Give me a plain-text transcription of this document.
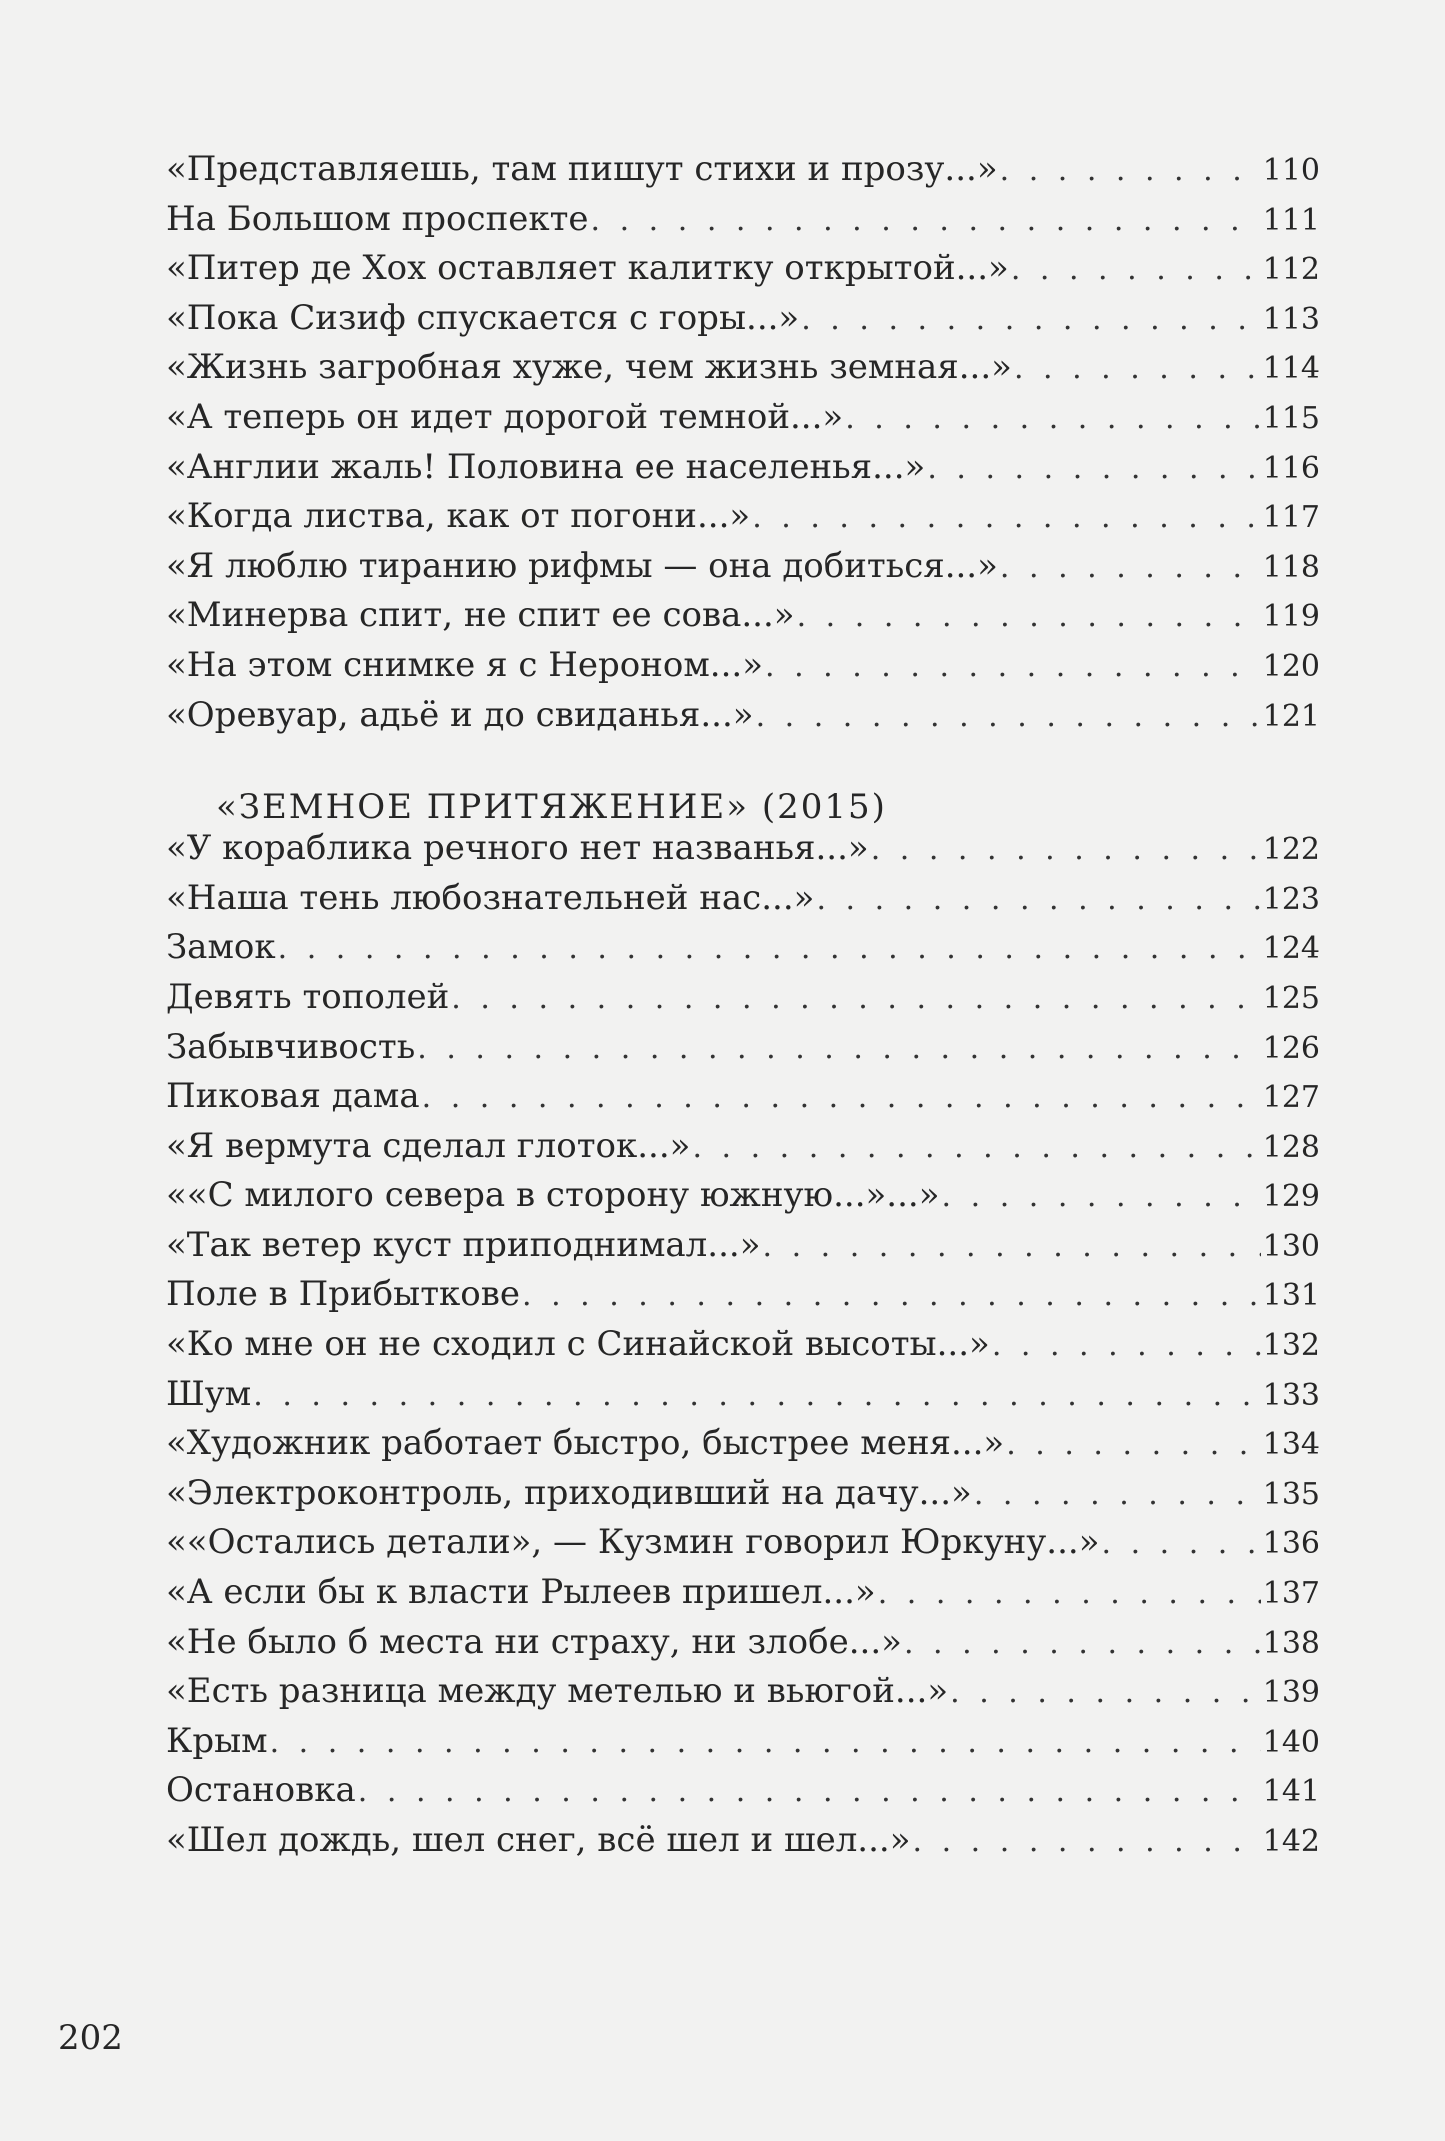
«Представляешь, там пишут стихи и прозу...» . . .	110
На Большом проспекте . . .	111
«Питер де Хох оставляет калитку открытой...» . . .	112
«Пока Сизиф спускается с горы...» . . .	113
«Жизнь загробная хуже, чем жизнь земная...» . . .	114
«А теперь он идет дорогой темной...» . . .	115
«Англии жаль! Половина ее населенья...» . . .	116
«Когда листва, как от погони...» . . .	117
«Я люблю тиранию рифмы — она добиться...» . . .	118
«Минерва спит, не спит ее сова...» . . .	119
«На этом снимке я с Нероном...» . . .	120
«Оревуар, адьё и до свиданья...» . . .	121
«ЗЕМНОЕ ПРИТЯЖЕНИЕ» (2015)
«У кораблика речного нет названья...» . . .	122
«Наша тень любознательней нас...» . . .	123
Замок . . .	124
Девять тополей . . .	125
Забывчивость . . .	126
Пиковая дама . . .	127
«Я вермута сделал глоток...» . . .	128
««С милого севера в сторону южную...»...» . . .	129
«Так ветер куст приподнимал...» . . .	130
Поле в Прибыткове . . .	131
«Ко мне он не сходил с Синайской высоты...» . . .	132
Шум . . .	133
«Художник работает быстро, быстрее меня...» . . .	134
«Электроконтроль, приходивший на дачу...» . . .	135
««Остались детали», — Кузмин говорил Юркуну...» . . .	136
«А если бы к власти Рылеев пришел...» . . .	137
«Не было б места ни страху, ни злобе...» . . .	138
«Есть разница между метелью и вьюгой...» . . .	139
Крым . . .	140
Остановка . . .	141
«Шел дождь, шел снег, всё шел и шел...» . . .	142
202
